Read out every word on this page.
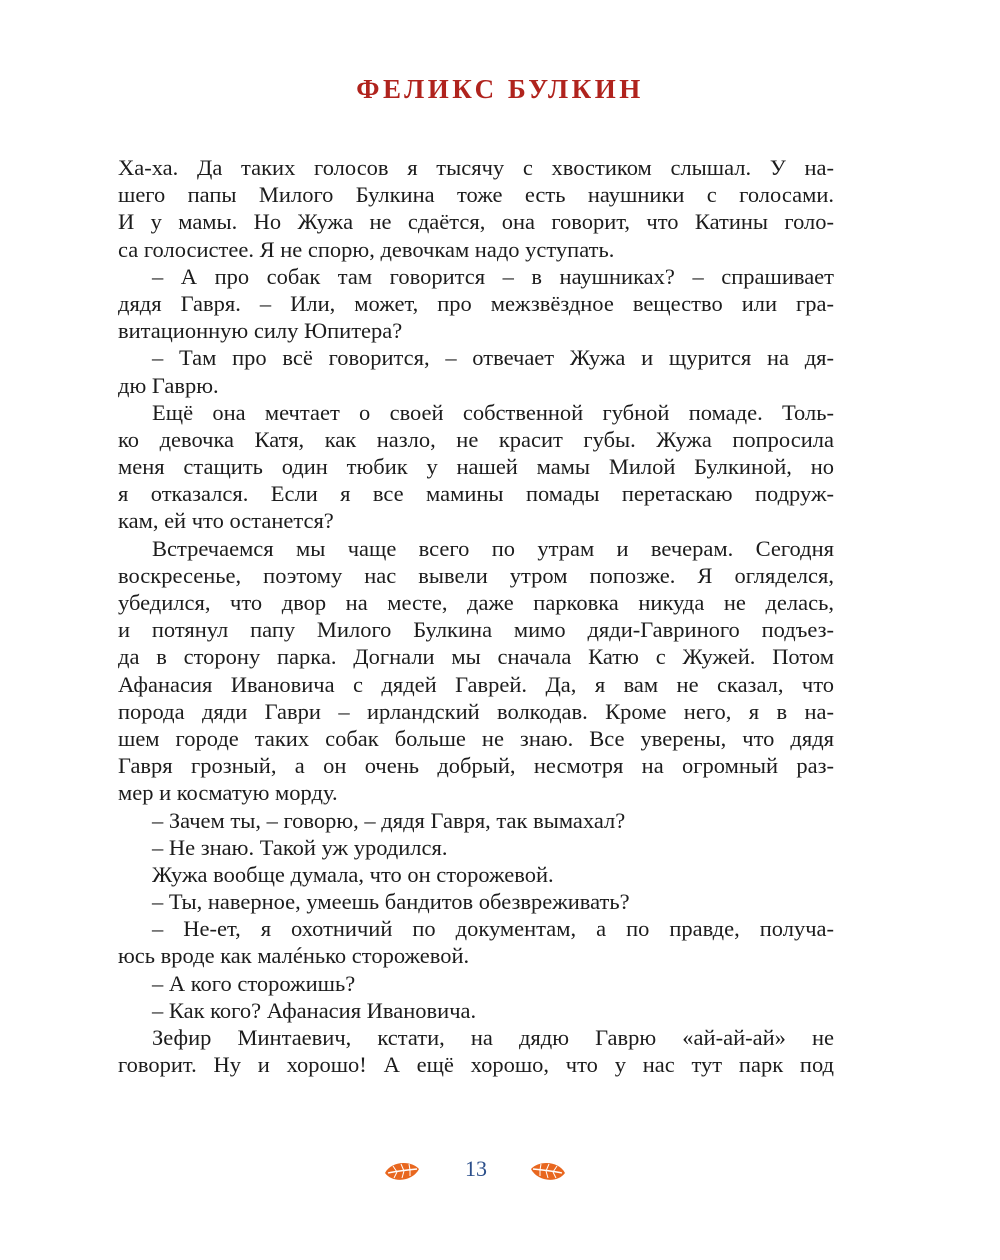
ФЕЛИКС БУЛКИН
Ха-ха. Да таких голосов я тысячу с хвостиком слышал. У на-
шего папы Милого Булкина тоже есть наушники с голосами.
И у мамы. Но Жужа не сдаётся, она говорит, что Катины голо-
са голосистее. Я не спорю, девочкам надо уступать.
– А про собак там говорится – в наушниках? – спрашивает
дядя Гавря. – Или, может, про межзвёздное вещество или гра-
витационную силу Юпитера?
– Там про всё говорится, – отвечает Жужа и щурится на дя-
дю Гаврю.
Ещё она мечтает о своей собственной губной помаде. Толь-
ко девочка Катя, как назло, не красит губы. Жужа попросила
меня стащить один тюбик у нашей мамы Милой Булкиной, но
я отказался. Если я все мамины помады перетаскаю подруж-
кам, ей что останется?
Встречаемся мы чаще всего по утрам и вечерам. Сегодня
воскресенье, поэтому нас вывели утром попозже. Я огляделся,
убедился, что двор на месте, даже парковка никуда не делась,
и потянул папу Милого Булкина мимо дяди-Гавриного подъез-
да в сторону парка. Догнали мы сначала Катю с Жужей. Потом
Афанасия Ивановича с дядей Гаврей. Да, я вам не сказал, что
порода дяди Гаври – ирландский волкодав. Кроме него, я в на-
шем городе таких собак больше не знаю. Все уверены, что дядя
Гавря грозный, а он очень добрый, несмотря на огромный раз-
мер и косматую морду.
– Зачем ты, – говорю, – дядя Гавря, так вымахал?
– Не знаю. Такой уж уродился.
Жужа вообще думала, что он сторожевой.
– Ты, наверное, умеешь бандитов обезвреживать?
– Не-ет, я охотничий по документам, а по правде, получа-
юсь вроде как малéнько сторожевой.
– А кого сторожишь?
– Как кого? Афанасия Ивановича.
Зефир Минтаевич, кстати, на дядю Гаврю «ай-ай-ай» не
говорит. Ну и хорошо! А ещё хорошо, что у нас тут парк под
13
